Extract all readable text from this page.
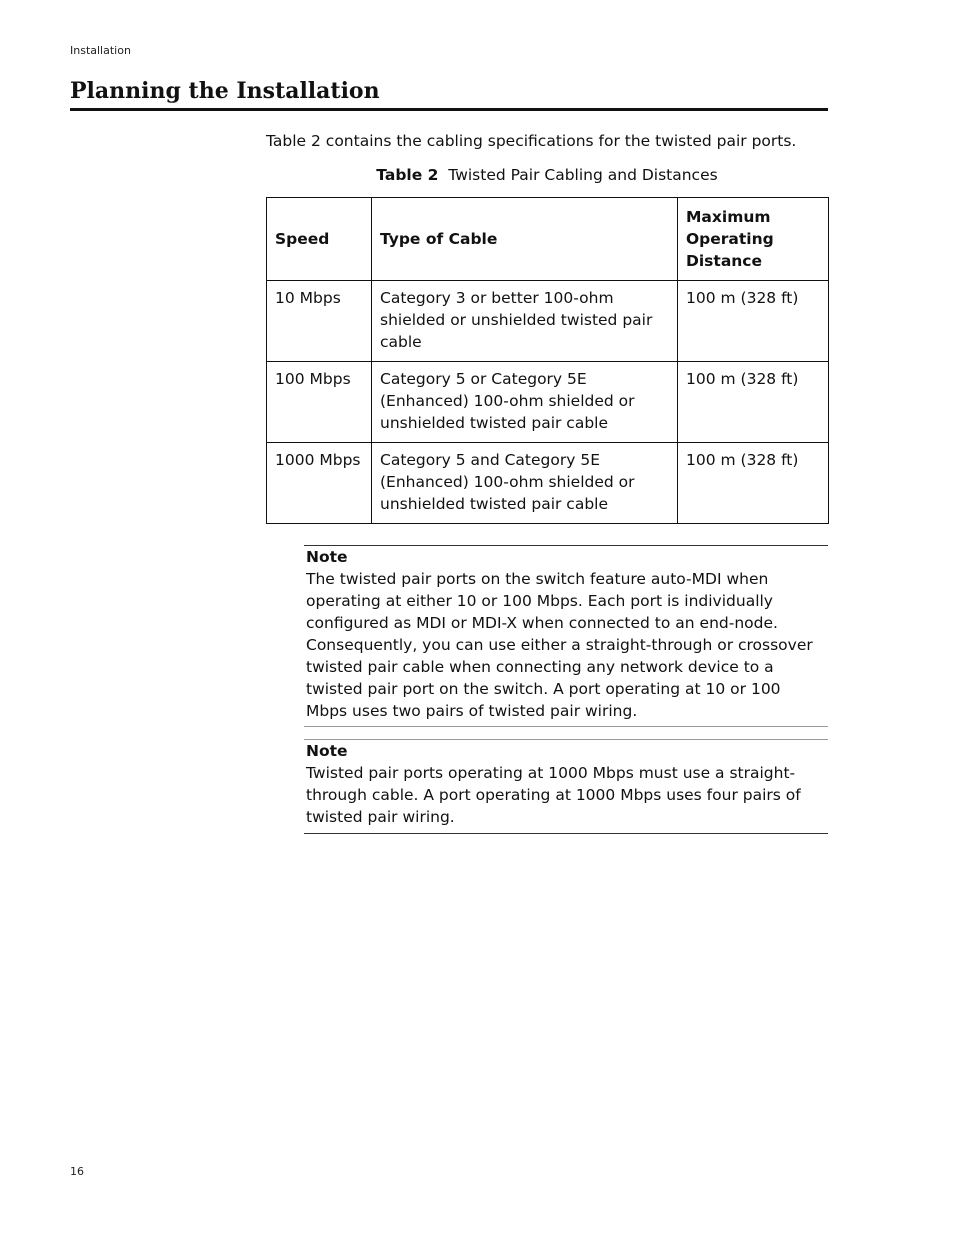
Installation
Planning the Installation
Table 2 contains the cabling specifications for the twisted pair ports.
Table 2 Twisted Pair Cabling and Distances
Speed	Type of Cable	Maximum Operating Distance
10 Mbps	Category 3 or better 100-ohm shielded or unshielded twisted pair cable	100 m (328 ft)
100 Mbps	Category 5 or Category 5E (Enhanced) 100-ohm shielded or unshielded twisted pair cable	100 m (328 ft)
1000 Mbps	Category 5 and Category 5E (Enhanced) 100-ohm shielded or unshielded twisted pair cable	100 m (328 ft)
Note
The twisted pair ports on the switch feature auto-MDI when operating at either 10 or 100 Mbps. Each port is individually configured as MDI or MDI-X when connected to an end-node. Consequently, you can use either a straight-through or crossover twisted pair cable when connecting any network device to a twisted pair port on the switch. A port operating at 10 or 100 Mbps uses two pairs of twisted pair wiring.
Note
Twisted pair ports operating at 1000 Mbps must use a straight-through cable. A port operating at 1000 Mbps uses four pairs of twisted pair wiring.
16
